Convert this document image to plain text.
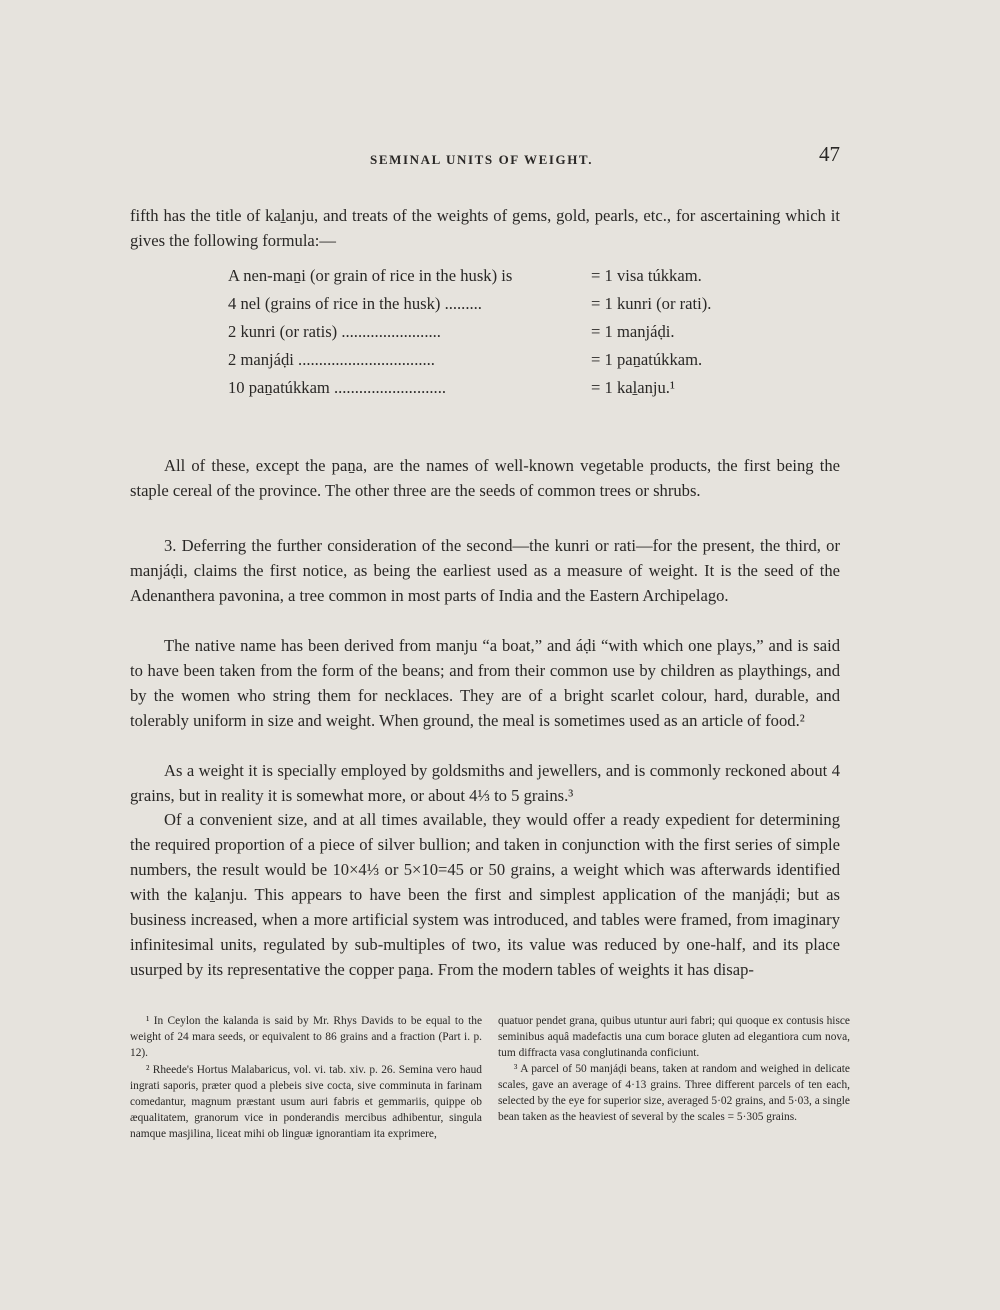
SEMINAL UNITS OF WEIGHT.	47

fifth has the title of kaḻanju, and treats of the weights of gems, gold, pearls, etc., for ascertaining which it gives the following formula:—

A nen-maṉi (or grain of rice in the husk) is	= 1 visa túkkam.
4 nel (grains of rice in the husk) .........	= 1 kunri (or rati).
2 kunri (or ratis) ........................	= 1 manjáḍi.
2 manjáḍi .................................	= 1 paṉatúkkam.
10 paṉatúkkam ...........................	= 1 kaḻanju.¹

All of these, except the paṉa, are the names of well-known vegetable products, the first being the staple cereal of the province. The other three are the seeds of common trees or shrubs.

3. Deferring the further consideration of the second—the kunri or rati—for the present, the third, or manjáḍi, claims the first notice, as being the earliest used as a measure of weight. It is the seed of the Adenanthera pavonina, a tree common in most parts of India and the Eastern Archipelago.

The native name has been derived from manju “a boat,” and áḍi “with which one plays,” and is said to have been taken from the form of the beans; and from their common use by children as playthings, and by the women who string them for necklaces. They are of a bright scarlet colour, hard, durable, and tolerably uniform in size and weight. When ground, the meal is sometimes used as an article of food.²

As a weight it is specially employed by goldsmiths and jewellers, and is commonly reckoned about 4 grains, but in reality it is somewhat more, or about 4⅓ to 5 grains.³

Of a convenient size, and at all times available, they would offer a ready expedient for determining the required proportion of a piece of silver bullion; and taken in conjunction with the first series of simple numbers, the result would be 10×4⅓ or 5×10=45 or 50 grains, a weight which was afterwards identified with the kaḻanju. This appears to have been the first and simplest application of the manjáḍi; but as business increased, when a more artificial system was introduced, and tables were framed, from imaginary infinitesimal units, regulated by sub-multiples of two, its value was reduced by one-half, and its place usurped by its representative the copper paṉa. From the modern tables of weights it has disap-

¹ In Ceylon the kalanda is said by Mr. Rhys Davids to be equal to the weight of 24 mara seeds, or equivalent to 86 grains and a fraction (Part i. p. 12).

² Rheede's Hortus Malabaricus, vol. vi. tab. xiv. p. 26. Semina vero haud ingrati saporis, præter quod a plebeis sive cocta, sive comminuta in farinam comedantur, magnum præstant usum auri fabris et gemmariis, quippe ob æqualitatem, granorum vice in ponderandis mercibus adhibentur, singula namque masjilina, liceat mihi ob linguæ ignorantiam ita exprimere,

quatuor pendet grana, quibus utuntur auri fabri; qui quoque ex contusis hisce seminibus aquâ madefactis una cum borace gluten ad elegantiora cum nova, tum diffracta vasa conglutinanda conficiunt.

³ A parcel of 50 manjáḍi beans, taken at random and weighed in delicate scales, gave an average of 4·13 grains. Three different parcels of ten each, selected by the eye for superior size, averaged 5·02 grains, and 5·03, a single bean taken as the heaviest of several by the scales = 5·305 grains.
